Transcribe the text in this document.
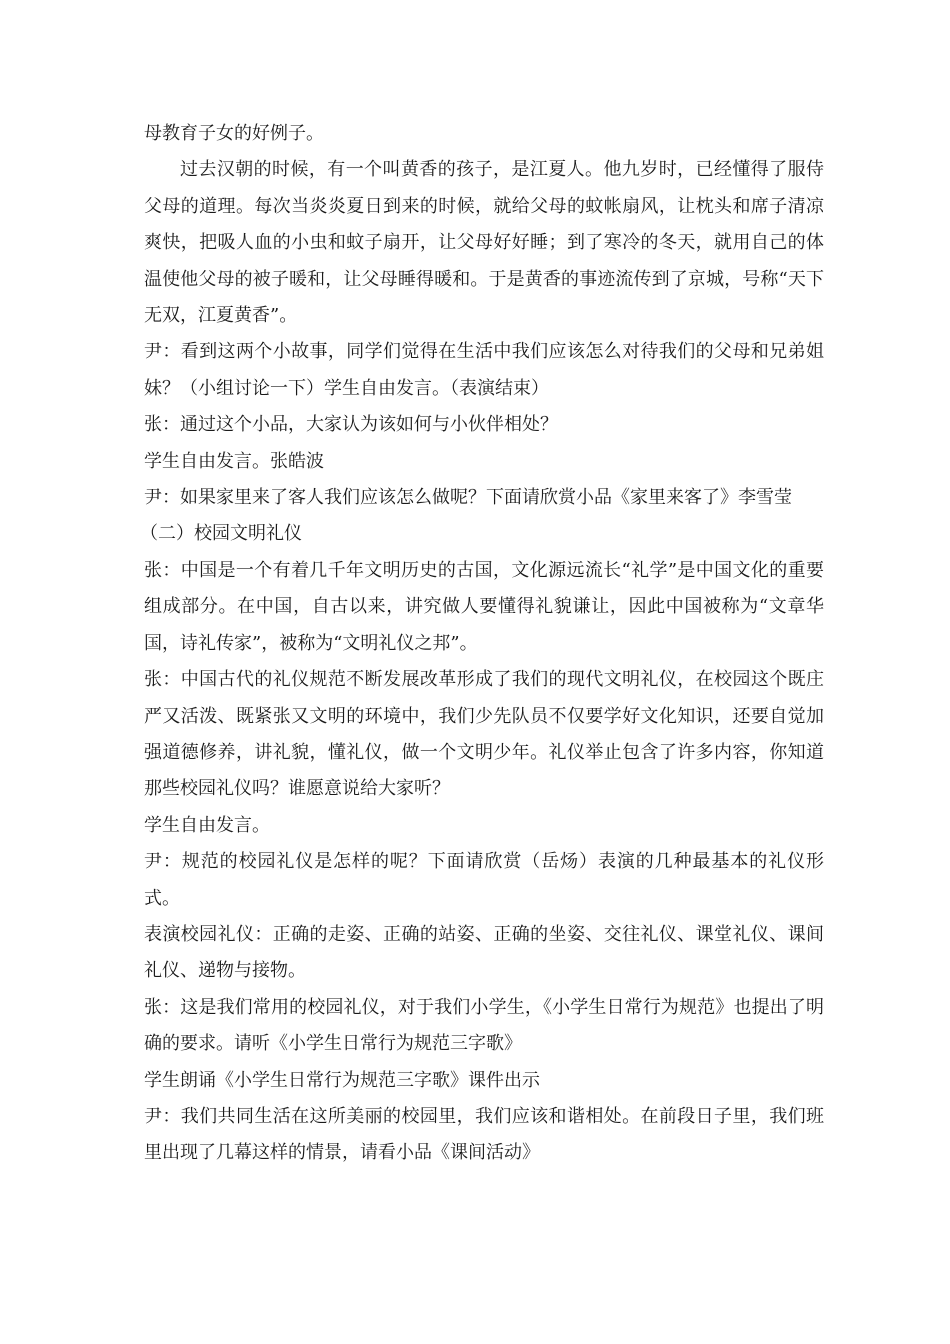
母教育子女的好例子。

过去汉朝的时候，有一个叫黄香的孩子，是江夏人。他九岁时，已经懂得了服侍父母的道理。每次当炎炎夏日到来的时候，就给父母的蚊帐扇风，让枕头和席子清凉爽快，把吸人血的小虫和蚊子扇开，让父母好好睡；到了寒冷的冬天，就用自己的体温使他父母的被子暖和，让父母睡得暖和。于是黄香的事迹流传到了京城，号称“天下无双，江夏黄香”。

尹：看到这两个小故事，同学们觉得在生活中我们应该怎么对待我们的父母和兄弟姐妹？（小组讨论一下）学生自由发言。（表演结束）

张：通过这个小品，大家认为该如何与小伙伴相处？

学生自由发言。张皓波

尹：如果家里来了客人我们应该怎么做呢？下面请欣赏小品《家里来客了》李雪莹

（二）校园文明礼仪

张：中国是一个有着几千年文明历史的古国，文化源远流长“礼学”是中国文化的重要组成部分。在中国，自古以来，讲究做人要懂得礼貌谦让，因此中国被称为“文章华国，诗礼传家”，被称为“文明礼仪之邦”。

张：中国古代的礼仪规范不断发展改革形成了我们的现代文明礼仪，在校园这个既庄严又活泼、既紧张又文明的环境中，我们少先队员不仅要学好文化知识，还要自觉加强道德修养，讲礼貌，懂礼仪，做一个文明少年。礼仪举止包含了许多内容，你知道那些校园礼仪吗？谁愿意说给大家听？

学生自由发言。

尹：规范的校园礼仪是怎样的呢？下面请欣赏（岳炀）表演的几种最基本的礼仪形式。

表演校园礼仪：正确的走姿、正确的站姿、正确的坐姿、交往礼仪、课堂礼仪、课间礼仪、递物与接物。

张：这是我们常用的校园礼仪，对于我们小学生，《小学生日常行为规范》也提出了明确的要求。请听《小学生日常行为规范三字歌》

学生朗诵《小学生日常行为规范三字歌》课件出示

尹：我们共同生活在这所美丽的校园里，我们应该和谐相处。在前段日子里，我们班里出现了几幕这样的情景，请看小品《课间活动》
